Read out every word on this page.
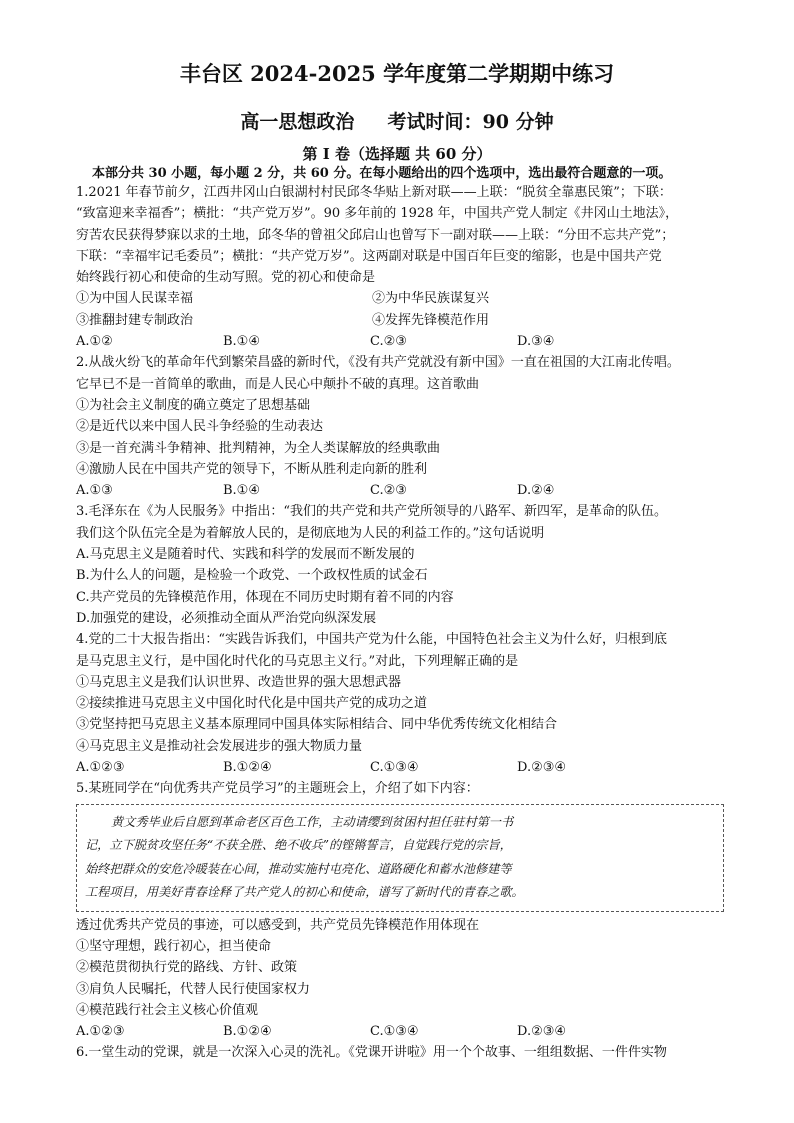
丰台区 2024-2025 学年度第二学期期中练习
高一思想政治 考试时间：90 分钟
第 I 卷（选择题 共 60 分）
本部分共 30 小题，每小题 2 分，共 60 分。在每小题给出的四个选项中，选出最符合题意的一项。
1.2021 年春节前夕，江西井冈山白银湖村村民邱冬华贴上新对联——上联：“脱贫全靠惠民策”；下联：
“致富迎来幸福香”；横批：“共产党万岁”。90 多年前的 1928 年，中国共产党人制定《井冈山土地法》，
穷苦农民获得梦寐以求的土地，邱冬华的曾祖父邱启山也曾写下一副对联——上联：“分田不忘共产党”；
下联：“幸福牢记毛委员”；横批：“共产党万岁”。这两副对联是中国百年巨变的缩影，也是中国共产党
始终践行初心和使命的生动写照。党的初心和使命是
①为中国人民谋幸福	②为中华民族谋复兴
③推翻封建专制政治	④发挥先锋模范作用
A.①②	B.①④	C.②③	D.③④
2.从战火纷飞的革命年代到繁荣昌盛的新时代，《没有共产党就没有新中国》一直在祖国的大江南北传唱。
它早已不是一首简单的歌曲，而是人民心中颠扑不破的真理。这首歌曲
①为社会主义制度的确立奠定了思想基础
②是近代以来中国人民斗争经验的生动表达
③是一首充满斗争精神、批判精神，为全人类谋解放的经典歌曲
④激励人民在中国共产党的领导下，不断从胜利走向新的胜利
A.①③	B.①④	C.②③	D.②④
3.毛泽东在《为人民服务》中指出：“我们的共产党和共产党所领导的八路军、新四军，是革命的队伍。
我们这个队伍完全是为着解放人民的，是彻底地为人民的利益工作的。”这句话说明
A.马克思主义是随着时代、实践和科学的发展而不断发展的
B.为什么人的问题，是检验一个政党、一个政权性质的试金石
C.共产党员的先锋模范作用，体现在不同历史时期有着不同的内容
D.加强党的建设，必须推动全面从严治党向纵深发展
4.党的二十大报告指出：“实践告诉我们，中国共产党为什么能，中国特色社会主义为什么好，归根到底
是马克思主义行，是中国化时代化的马克思主义行。”对此，下列理解正确的是
①马克思主义是我们认识世界、改造世界的强大思想武器
②接续推进马克思主义中国化时代化是中国共产党的成功之道
③党坚持把马克思主义基本原理同中国具体实际相结合、同中华优秀传统文化相结合
④马克思主义是推动社会发展进步的强大物质力量
A.①②③	B.①②④	C.①③④	D.②③④
5.某班同学在“向优秀共产党员学习”的主题班会上，介绍了如下内容：
黄文秀毕业后自愿到革命老区百色工作，主动请缨到贫困村担任驻村第一书
记，立下脱贫攻坚任务“不获全胜、绝不收兵”的铿锵誓言，自觉践行党的宗旨，
始终把群众的安危冷暖装在心间，推动实施村屯亮化、道路硬化和蓄水池修建等
工程项目，用美好青春诠释了共产党人的初心和使命，谱写了新时代的青春之歌。
透过优秀共产党员的事迹，可以感受到，共产党员先锋模范作用体现在
①坚守理想，践行初心，担当使命
②模范贯彻执行党的路线、方针、政策
③肩负人民嘱托，代替人民行使国家权力
④模范践行社会主义核心价值观
A.①②③	B.①②④	C.①③④	D.②③④
6.一堂生动的党课，就是一次深入心灵的洗礼。《党课开讲啦》用一个个故事、一组组数据、一件件实物
